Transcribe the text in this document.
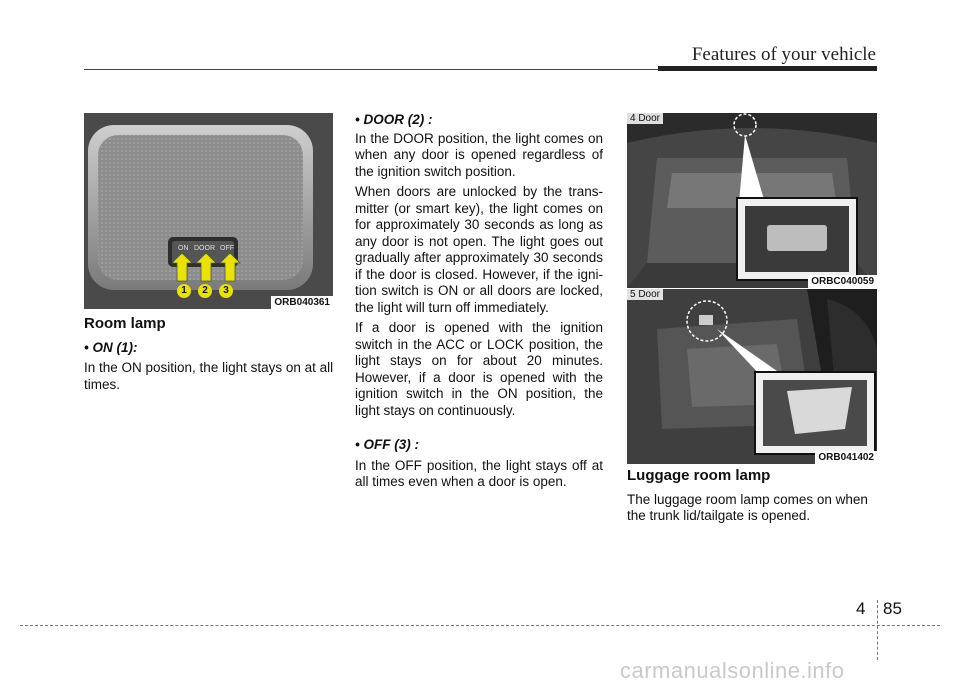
Features of your vehicle
ON DOOR OFF
1	2	3
ORB040361

Room lamp

• ON (1):

In the ON position, the light stays on at all times.

• DOOR (2) :

In the DOOR position, the light comes on when any door is opened regardless of the ignition switch position.

When doors are unlocked by the trans-mitter (or smart key), the light comes on for approximately 30 seconds as long as any door is not open. The light goes out gradually after approximately 30 seconds if the door is closed. However, if the igni-tion switch is ON or all doors are locked, the light will turn off immediately.

If a door is opened with the ignition switch in the ACC or LOCK position, the light stays on for about 20 minutes. However, if a door is opened with the ignition switch in the ON position, the light stays on continuously.

• OFF (3) :

In the OFF position, the light stays off at all times even when a door is open.

4 Door
ORBC040059
5 Door
ORB041402

Luggage room lamp

The luggage room lamp comes on when the trunk lid/tailgate is opened.

4 85
carmanualsonline.info
